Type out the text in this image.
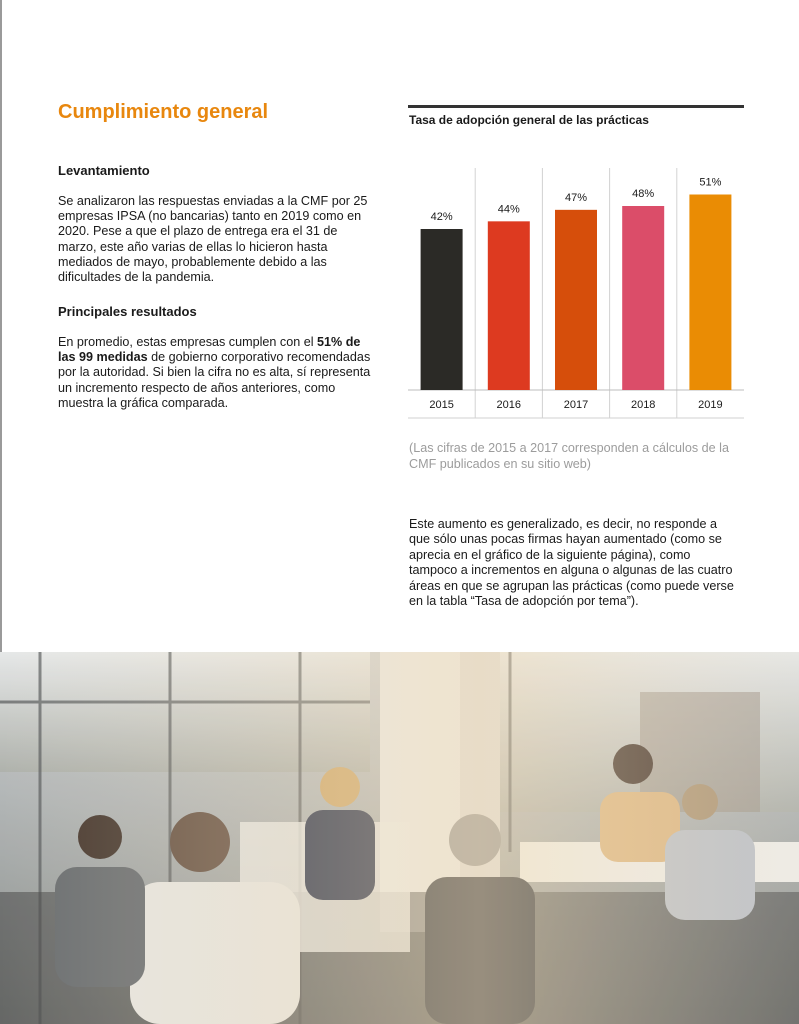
Cumplimiento general
Levantamiento

Se analizaron las respuestas enviadas a la CMF por 25 empresas IPSA (no bancarias) tanto en 2019 como en 2020. Pese a que el plazo de entrega era el 31 de marzo, este año varias de ellas lo hicieron hasta mediados de mayo, probablemente debido a las dificultades de la pandemia.

Principales resultados

En promedio, estas empresas cumplen con el 51% de las 99 medidas de gobierno corporativo recomendadas por la autoridad. Si bien la cifra no es alta, sí representa un incremento respecto de años anteriores, como muestra la gráfica comparada.

Tasa de adopción general de las prácticas
42%
2015
44%
2016
47%
2017
48%
2018
51%
2019

(Las cifras de 2015 a 2017 corresponden a cálculos de la CMF publicados en su sitio web)

Este aumento es generalizado, es decir, no responde a que sólo unas pocas firmas hayan aumentado (como se aprecia en el gráfico de la siguiente página), como tampoco a incrementos en alguna o algunas de las cuatro áreas en que se agrupan las prácticas (como puede verse en la tabla “Tasa de adopción por tema”).
